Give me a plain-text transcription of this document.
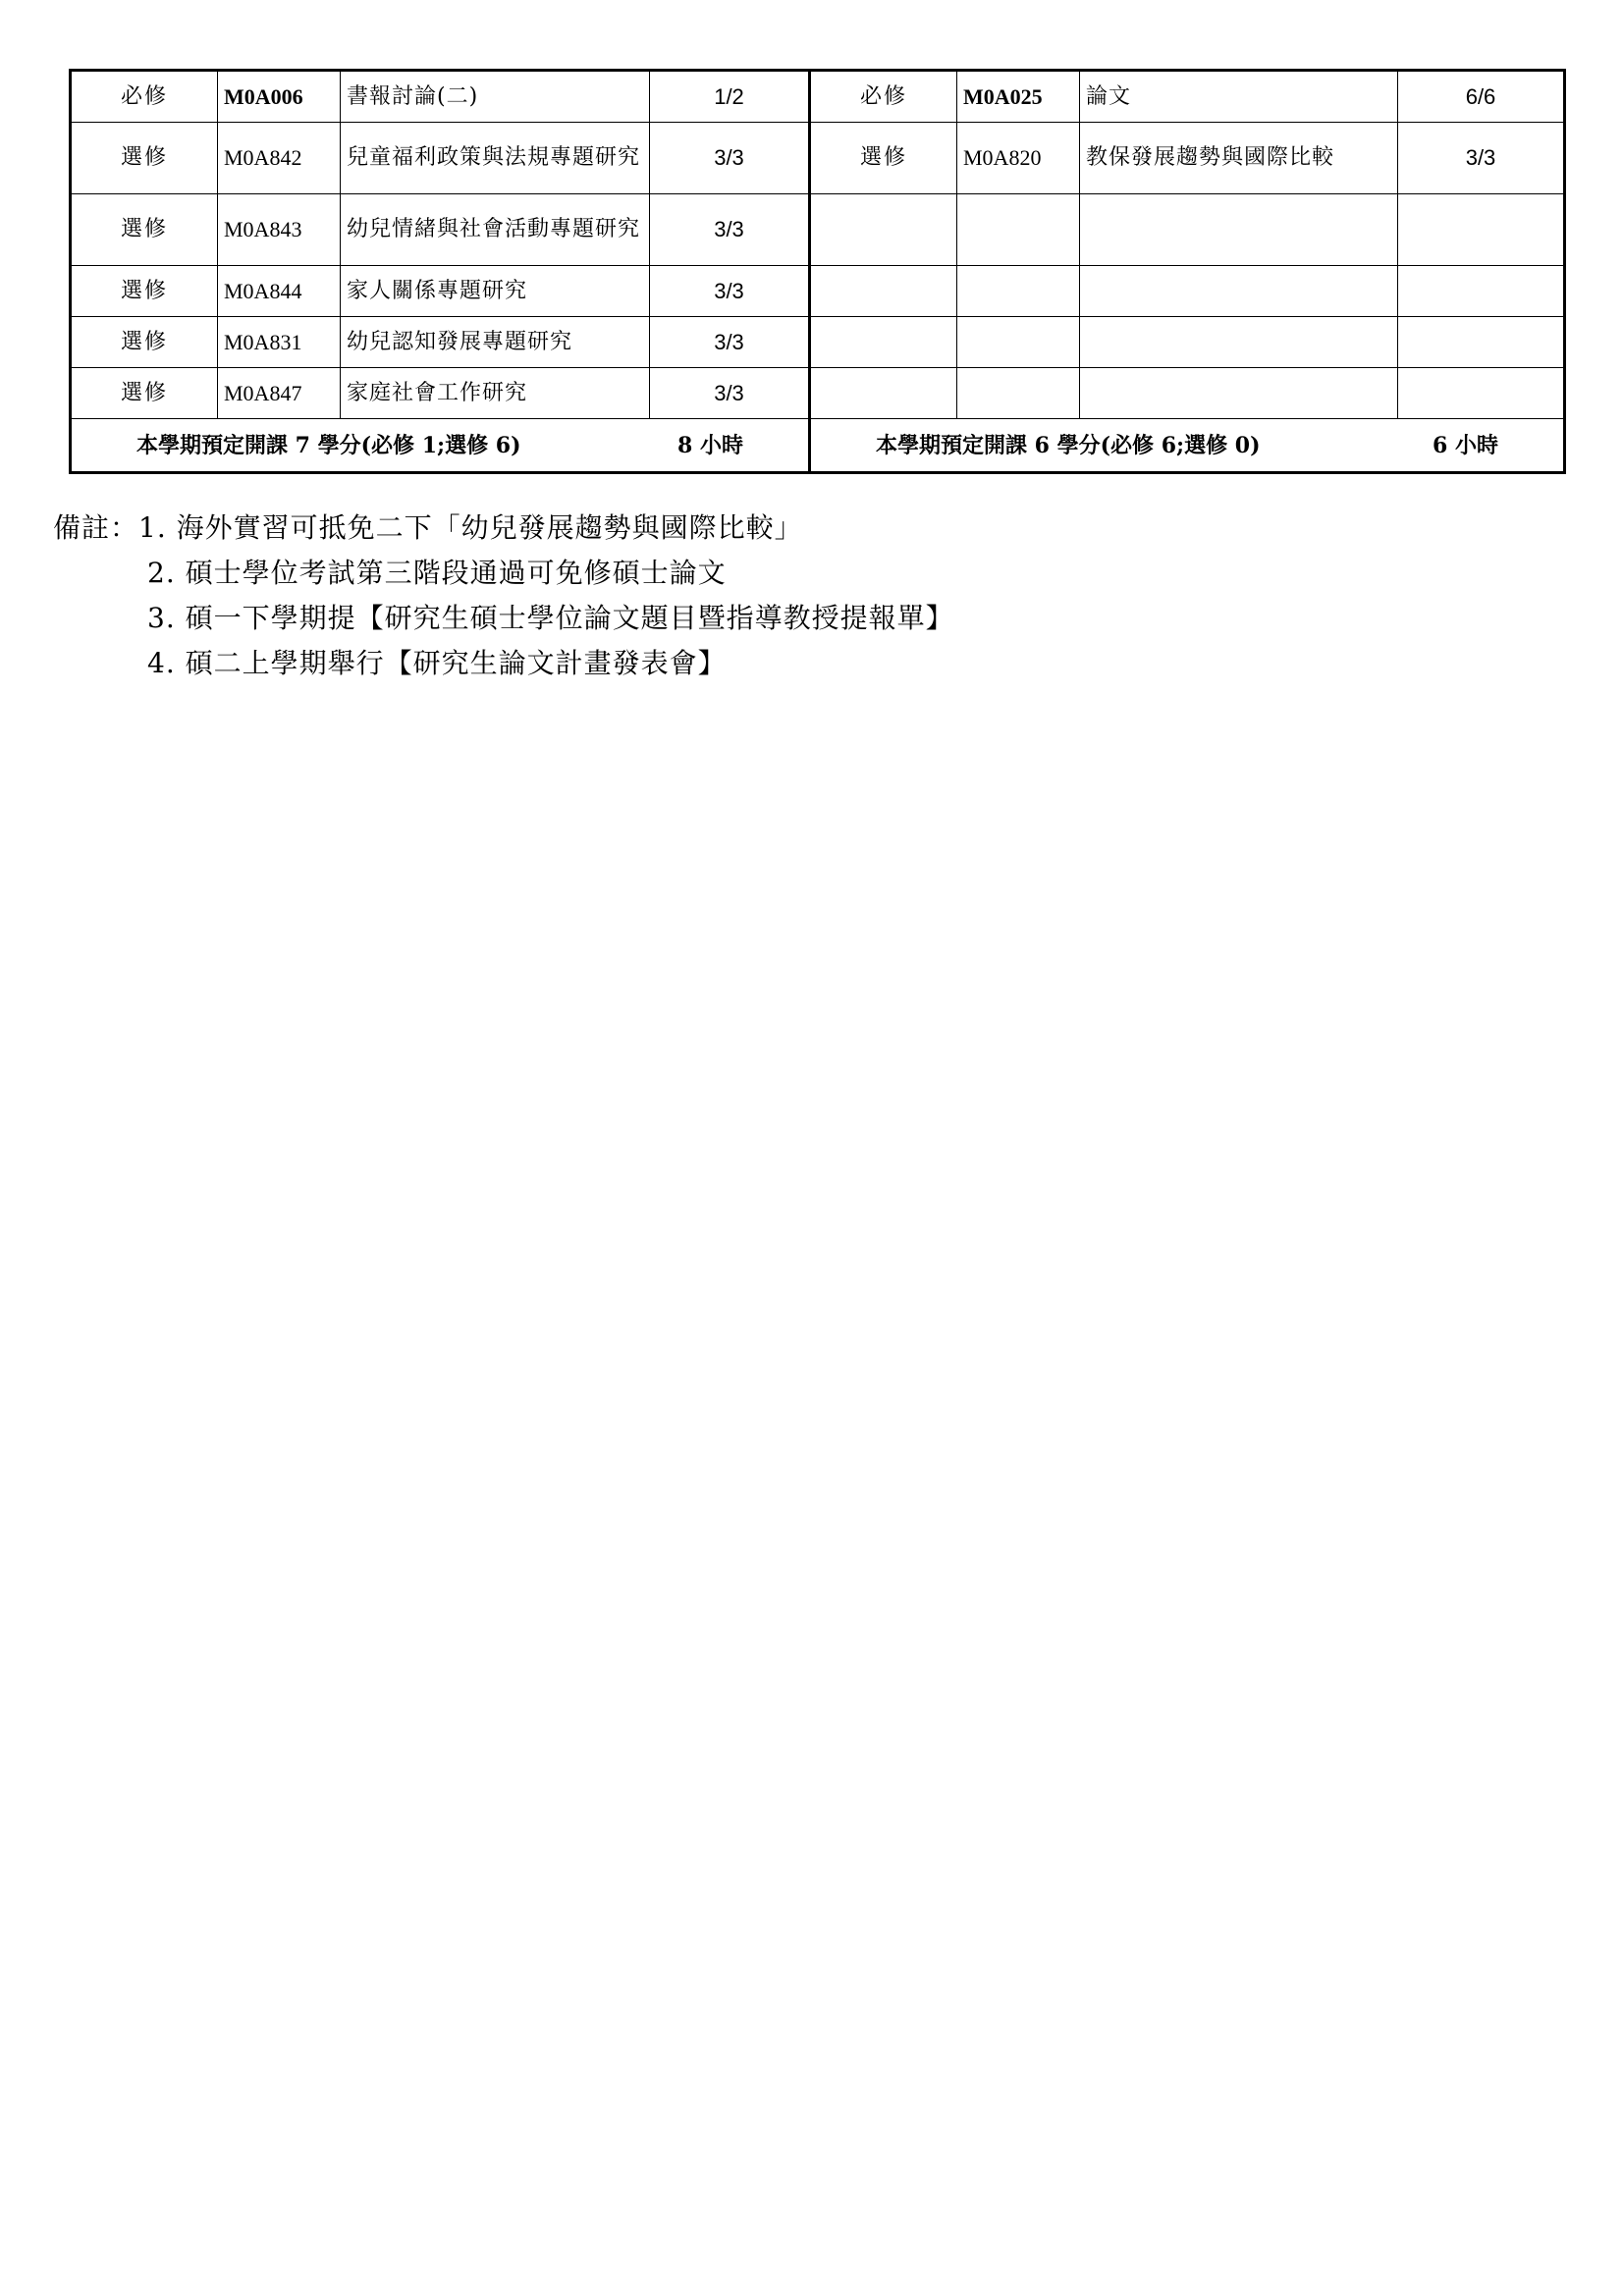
必修	M0A006	書報討論(二)	1/2	必修	M0A025	論文	6/6
選修	M0A842	兒童福利政策與法規專題研究	3/3	選修	M0A820	教保發展趨勢與國際比較	3/3
選修	M0A843	幼兒情緒與社會活動專題研究	3/3				
選修	M0A844	家人關係專題研究	3/3				
選修	M0A831	幼兒認知發展專題研究	3/3				
選修	M0A847	家庭社會工作研究	3/3				

本學期預定開課 7 學分(必修 1;選修 6) 8 小時				本學期預定開課 6 學分(必修 6;選修 0) 6 小時			
備註：1. 海外實習可抵免二下「幼兒發展趨勢與國際比較」
2. 碩士學位考試第三階段通過可免修碩士論文
3. 碩一下學期提【研究生碩士學位論文題目暨指導教授提報單】
4. 碩二上學期舉行【研究生論文計畫發表會】
